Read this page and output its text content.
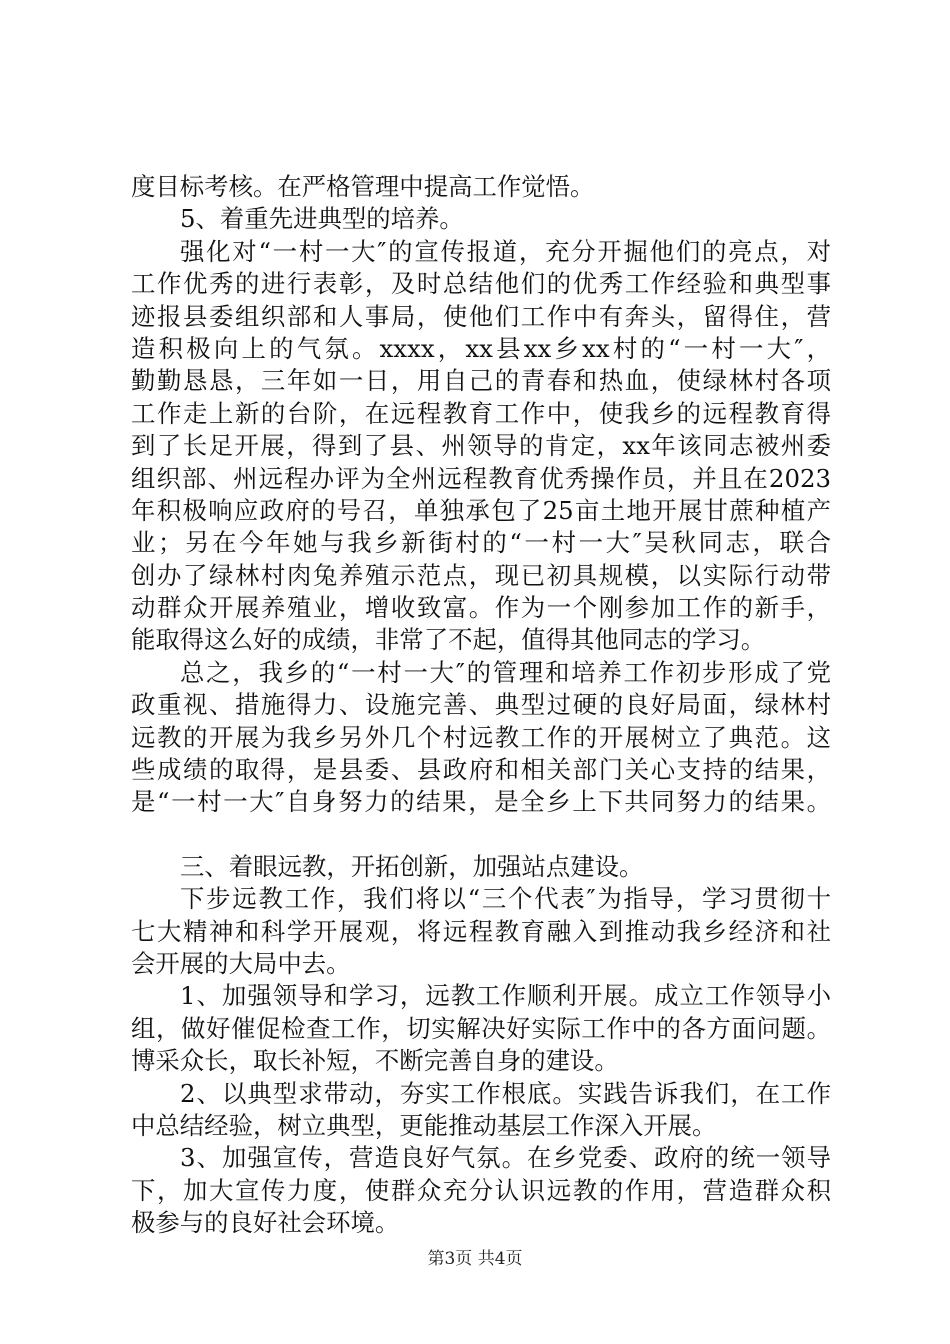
度目标考核。在严格管理中提高工作觉悟。
5、着重先进典型的培养。
强化对“一村一大″的宣传报道，充分开掘他们的亮点，对
工作优秀的进行表彰，及时总结他们的优秀工作经验和典型事
迹报县委组织部和人事局，使他们工作中有奔头，留得住，营
造积极向上的气氛。xxxx，xx县xx乡xx村的“一村一大″，
勤勤恳恳，三年如一日，用自己的青春和热血，使绿林村各项
工作走上新的台阶，在远程教育工作中，使我乡的远程教育得
到了长足开展，得到了县、州领导的肯定，xx年该同志被州委
组织部、州远程办评为全州远程教育优秀操作员，并且在2023
年积极响应政府的号召，单独承包了25亩土地开展甘蔗种植产
业；另在今年她与我乡新街村的“一村一大″吴秋同志，联合
创办了绿林村肉兔养殖示范点，现已初具规模，以实际行动带
动群众开展养殖业，增收致富。作为一个刚参加工作的新手，
能取得这么好的成绩，非常了不起，值得其他同志的学习。
总之，我乡的“一村一大″的管理和培养工作初步形成了党
政重视、措施得力、设施完善、典型过硬的良好局面，绿林村
远教的开展为我乡另外几个村远教工作的开展树立了典范。这
些成绩的取得，是县委、县政府和相关部门关心支持的结果，
是“一村一大″自身努力的结果，是全乡上下共同努力的结果。
三、着眼远教，开拓创新，加强站点建设。
下步远教工作，我们将以“三个代表″为指导，学习贯彻十
七大精神和科学开展观，将远程教育融入到推动我乡经济和社
会开展的大局中去。
1、加强领导和学习，远教工作顺利开展。成立工作领导小
组，做好催促检查工作，切实解决好实际工作中的各方面问题。
博采众长，取长补短，不断完善自身的建设。
2、以典型求带动，夯实工作根底。实践告诉我们，在工作
中总结经验，树立典型，更能推动基层工作深入开展。
3、加强宣传，营造良好气氛。在乡党委、政府的统一领导
下，加大宣传力度，使群众充分认识远教的作用，营造群众积
极参与的良好社会环境。
第3页 共4页
